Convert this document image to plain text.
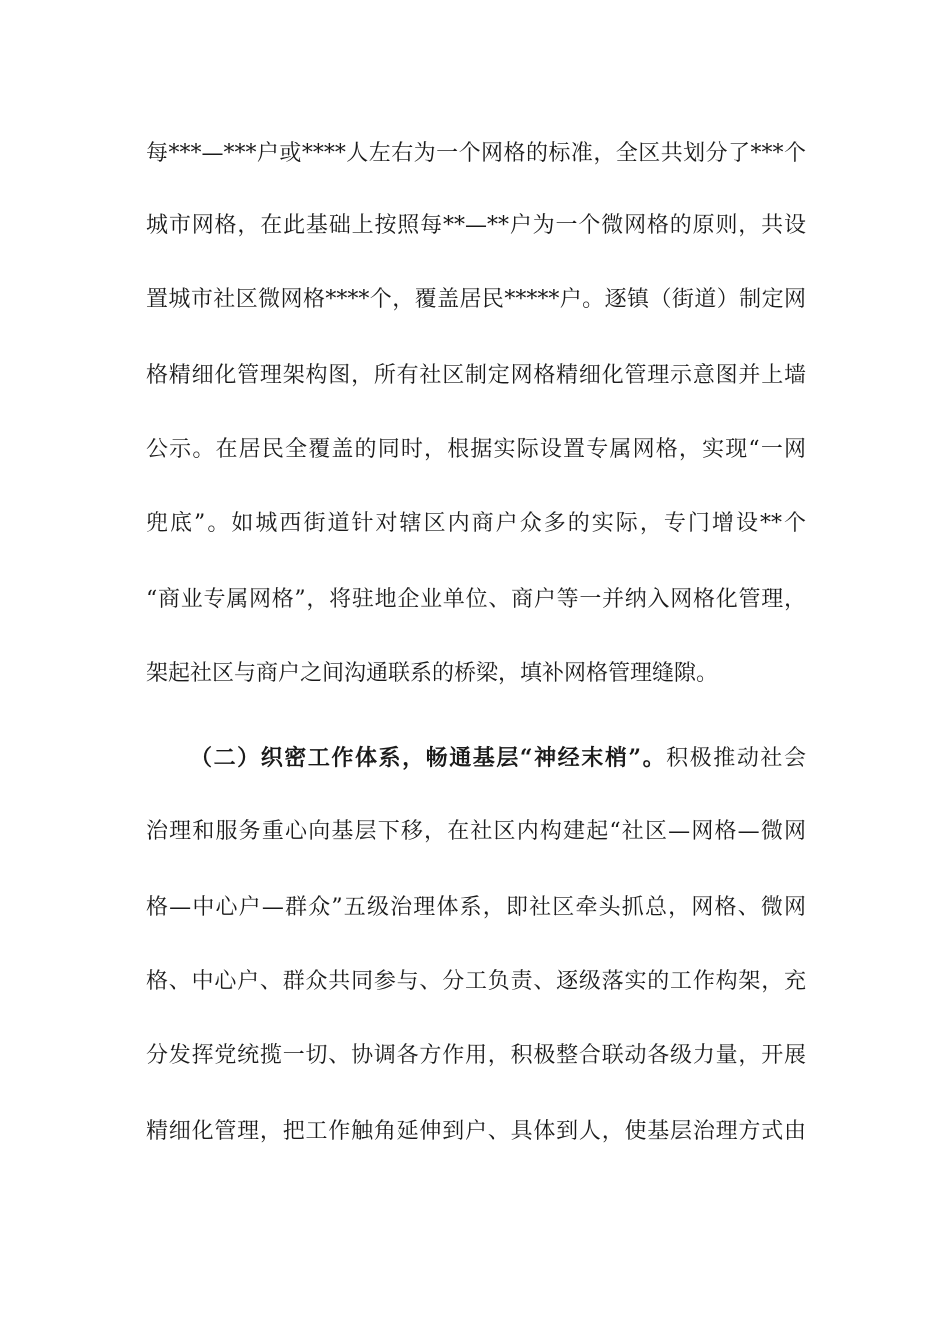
每***—***户或****人左右为一个网格的标准，全区共划分了***个
城市网格，在此基础上按照每**—**户为一个微网格的原则，共设
置城市社区微网格****个，覆盖居民*****户。逐镇（街道）制定网
格精细化管理架构图，所有社区制定网格精细化管理示意图并上墙
公示。在居民全覆盖的同时，根据实际设置专属网格，实现“一网
兜底”。如城西街道针对辖区内商户众多的实际，专门增设**个
“商业专属网格”，将驻地企业单位、商户等一并纳入网格化管理，
架起社区与商户之间沟通联系的桥梁，填补网格管理缝隙。
（二）织密工作体系，畅通基层“神经末梢”。积极推动社会
治理和服务重心向基层下移，在社区内构建起“社区—网格—微网
格—中心户—群众”五级治理体系，即社区牵头抓总，网格、微网
格、中心户、群众共同参与、分工负责、逐级落实的工作构架，充
分发挥党统揽一切、协调各方作用，积极整合联动各级力量，开展
精细化管理，把工作触角延伸到户、具体到人，使基层治理方式由
